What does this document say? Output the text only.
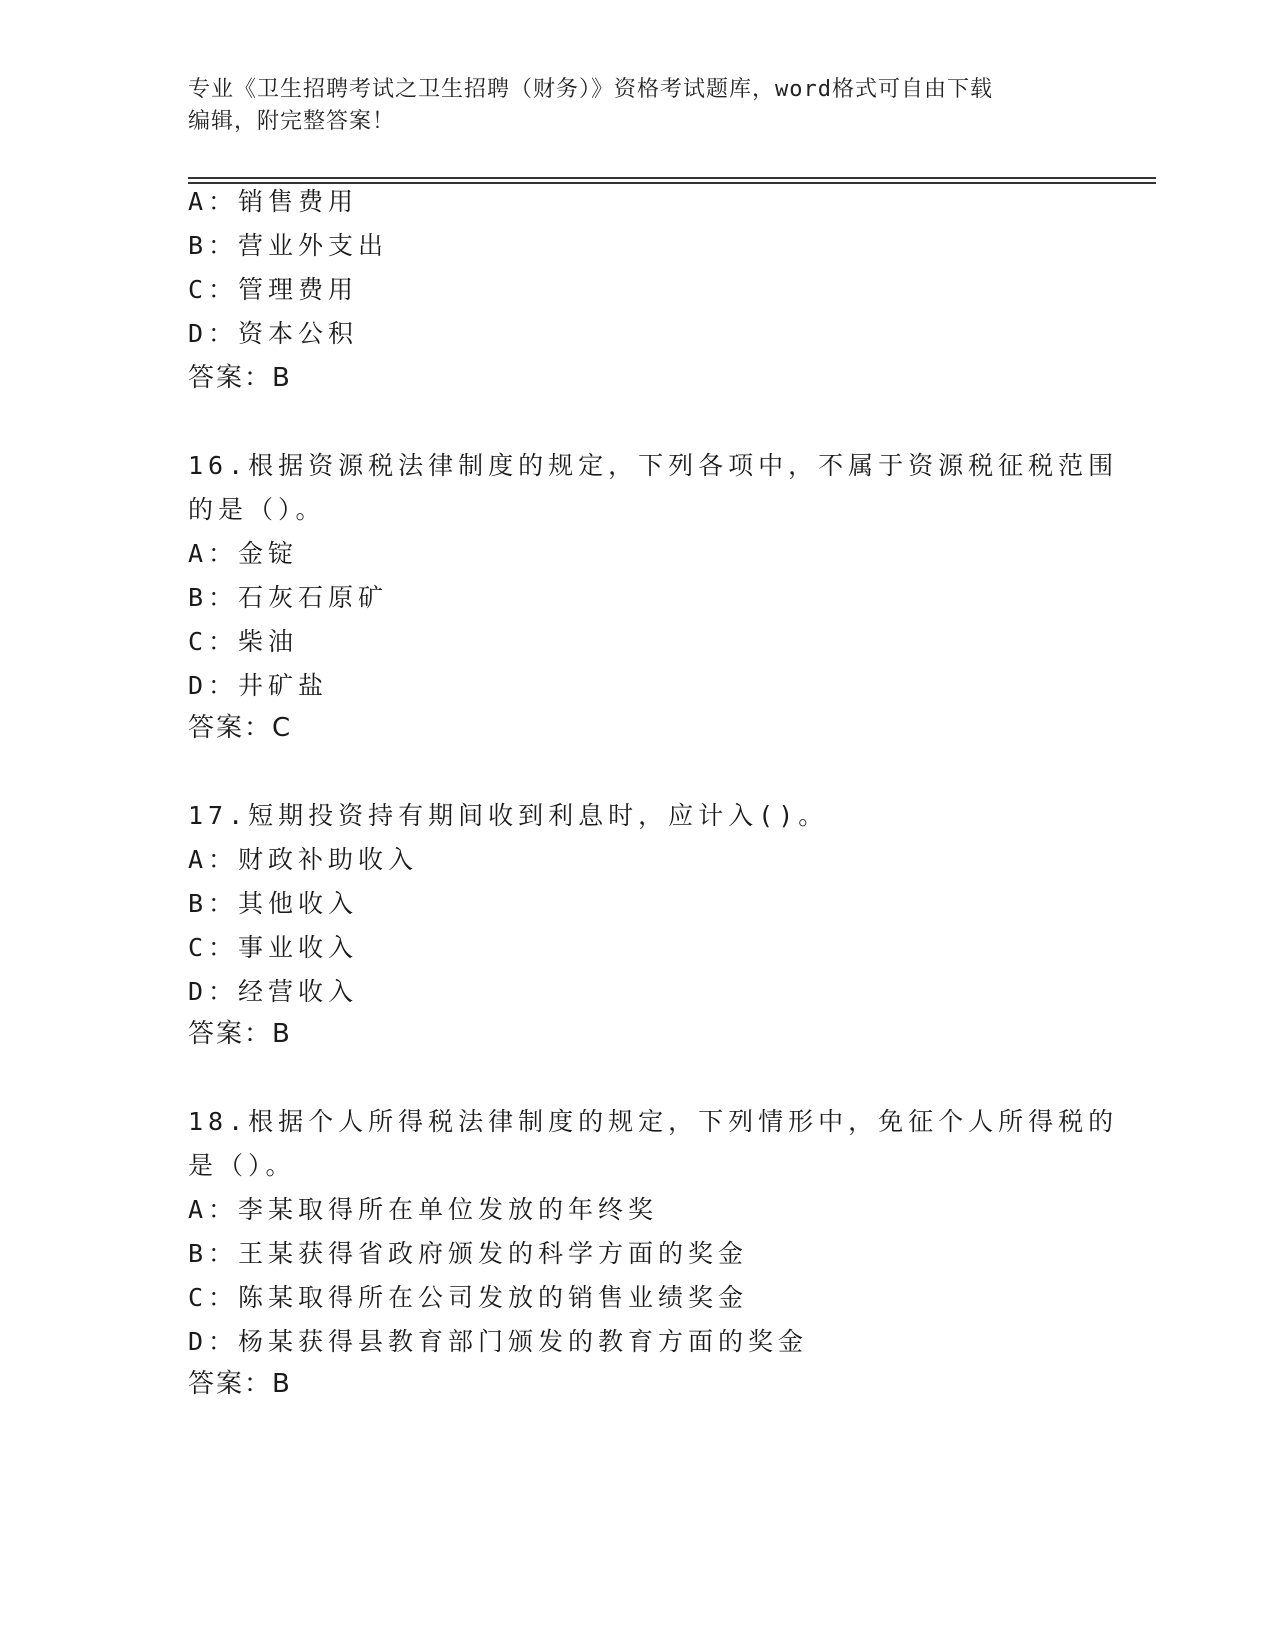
专业《卫生招聘考试之卫生招聘（财务）》资格考试题库，word格式可自由下载
编辑，附完整答案！
A：销售费用
B：营业外支出
C：管理费用
D：资本公积
答案：B
16.根据资源税法律制度的规定，下列各项中，不属于资源税征税范围
的是（）。
A：金锭
B：石灰石原矿
C：柴油
D：井矿盐
答案：C
17.短期投资持有期间收到利息时，应计入()。
A：财政补助收入
B：其他收入
C：事业收入
D：经营收入
答案：B
18.根据个人所得税法律制度的规定，下列情形中，免征个人所得税的
是（）。
A：李某取得所在单位发放的年终奖
B：王某获得省政府颁发的科学方面的奖金
C：陈某取得所在公司发放的销售业绩奖金
D：杨某获得县教育部门颁发的教育方面的奖金
答案：B
